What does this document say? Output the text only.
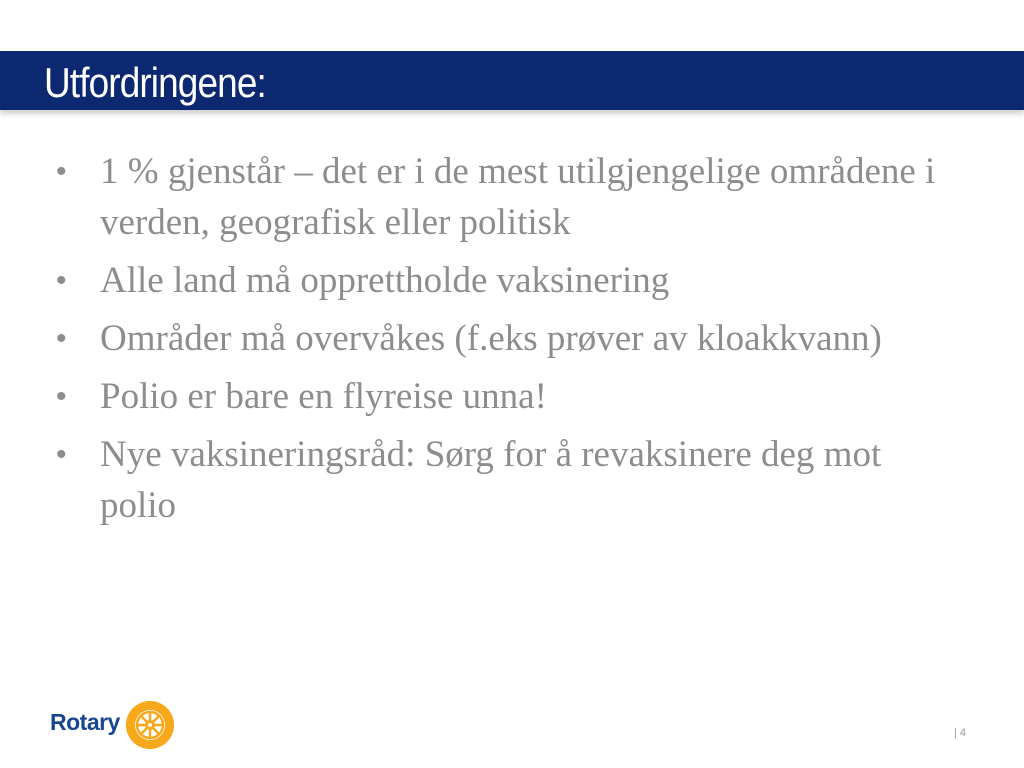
Utfordringene:
• 1 % gjenstår – det er i de mest utilgjengelige områdene i verden, geografisk eller politisk
• Alle land må opprettholde vaksinering
• Områder må overvåkes (f.eks prøver av kloakkvann)
• Polio er bare en flyreise unna!
• Nye vaksineringsråd: Sørg for å revaksinere deg mot polio
Rotary	| 4
